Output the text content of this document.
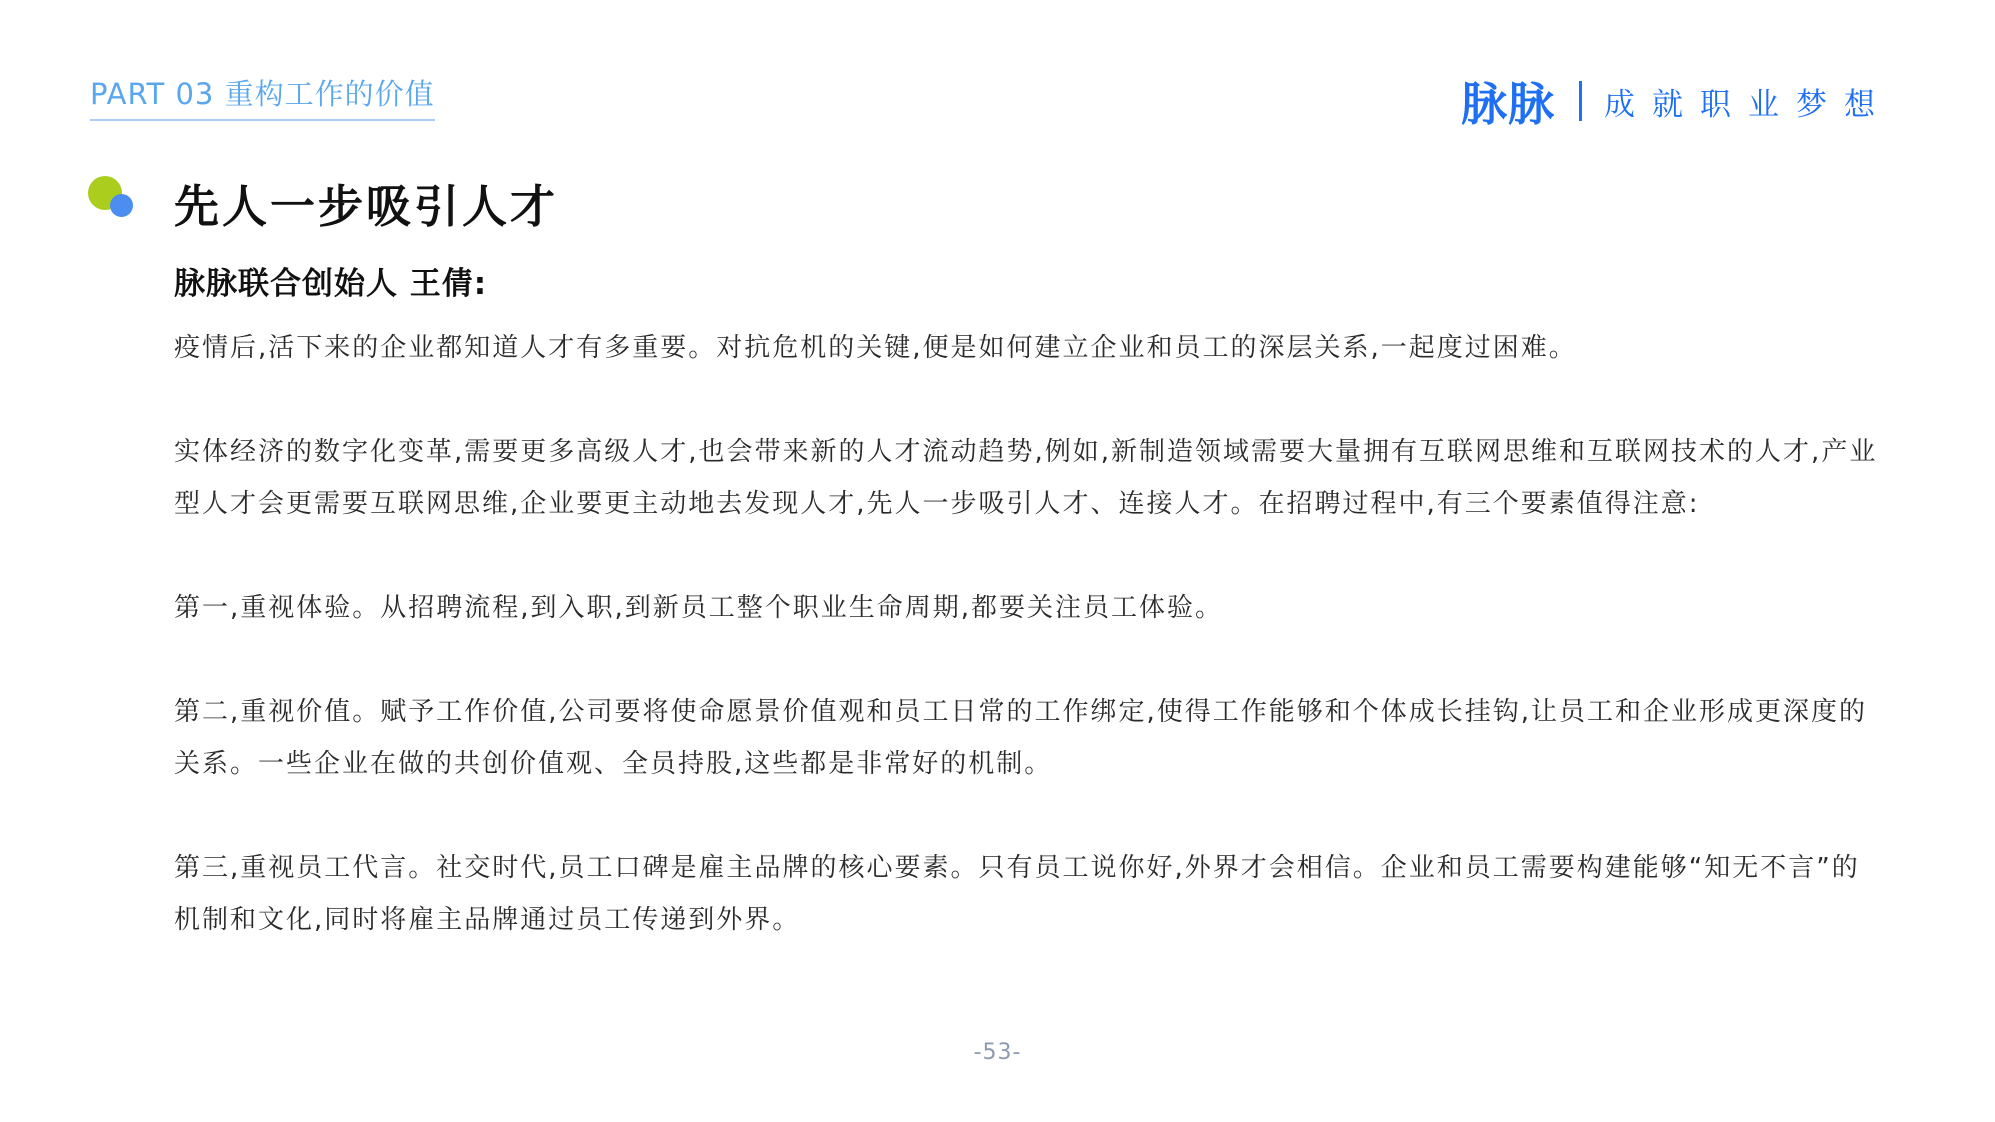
PART 03 重构工作的价值	脉脉 成就职业梦想
先人一步吸引人才
脉脉联合创始人 王倩:

疫情后,活下来的企业都知道人才有多重要。对抗危机的关键,便是如何建立企业和员工的深层关系,一起度过困难。

实体经济的数字化变革,需要更多高级人才,也会带来新的人才流动趋势,例如,新制造领域需要大量拥有互联网思维和互联网技术的人才,产业型人才会更需要互联网思维,企业要更主动地去发现人才,先人一步吸引人才、连接人才。在招聘过程中,有三个要素值得注意:

第一,重视体验。从招聘流程,到入职,到新员工整个职业生命周期,都要关注员工体验。

第二,重视价值。赋予工作价值,公司要将使命愿景价值观和员工日常的工作绑定,使得工作能够和个体成长挂钩,让员工和企业形成更深度的关系。一些企业在做的共创价值观、全员持股,这些都是非常好的机制。

第三,重视员工代言。社交时代,员工口碑是雇主品牌的核心要素。只有员工说你好,外界才会相信。企业和员工需要构建能够“知无不言”的机制和文化,同时将雇主品牌通过员工传递到外界。

-53-
